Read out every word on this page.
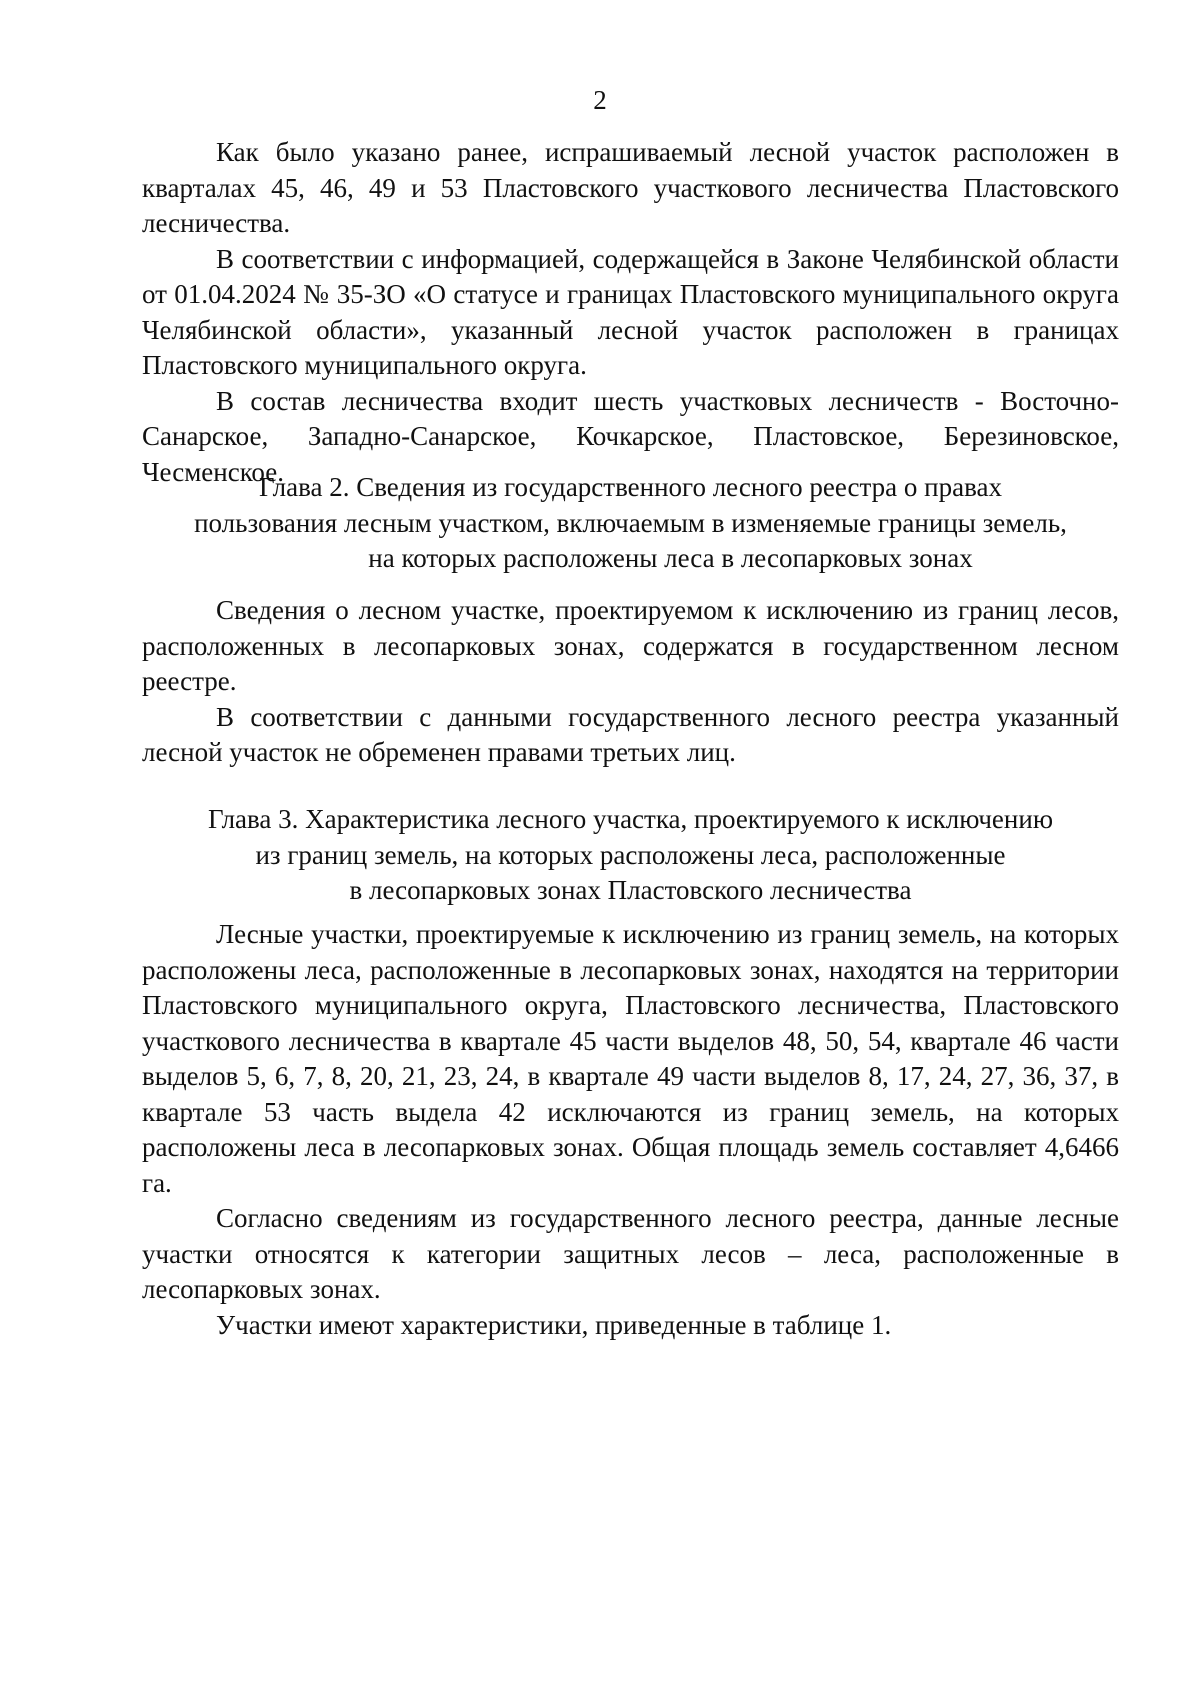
2

Как было указано ранее, испрашиваемый лесной участок расположен в кварталах 45, 46, 49 и 53 Пластовского участкового лесничества Пластовского лесничества.

В соответствии с информацией, содержащейся в Законе Челябинской области от 01.04.2024 № 35-ЗО «О статусе и границах Пластовского муниципального округа Челябинской области», указанный лесной участок расположен в границах Пластовского муниципального округа.

В состав лесничества входит шесть участковых лесничеств - Восточно-Санарское, Западно-Санарское, Кочкарское, Пластовское, Березиновское, Чесменское.

Глава 2. Сведения из государственного лесного реестра о правах
пользования лесным участком, включаемым в изменяемые границы земель,
на которых расположены леса в лесопарковых зонах

Сведения о лесном участке, проектируемом к исключению из границ лесов, расположенных в лесопарковых зонах, содержатся в государственном лесном реестре.

В соответствии с данными государственного лесного реестра указанный лесной участок не обременен правами третьих лиц.

Глава 3. Характеристика лесного участка, проектируемого к исключению
из границ земель, на которых расположены леса, расположенные
в лесопарковых зонах Пластовского лесничества

Лесные участки, проектируемые к исключению из границ земель, на которых расположены леса, расположенные в лесопарковых зонах, находятся на территории Пластовского муниципального округа, Пластовского лесничества, Пластовского участкового лесничества в квартале 45 части выделов 48, 50, 54, квартале 46 части выделов 5, 6, 7, 8, 20, 21, 23, 24, в квартале 49 части выделов 8, 17, 24, 27, 36, 37, в квартале 53 часть выдела 42 исключаются из границ земель, на которых расположены леса в лесопарковых зонах. Общая площадь земель составляет 4,6466 га.

Согласно сведениям из государственного лесного реестра, данные лесные участки относятся к категории защитных лесов – леса, расположенные в лесопарковых зонах.

Участки имеют характеристики, приведенные в таблице 1.
